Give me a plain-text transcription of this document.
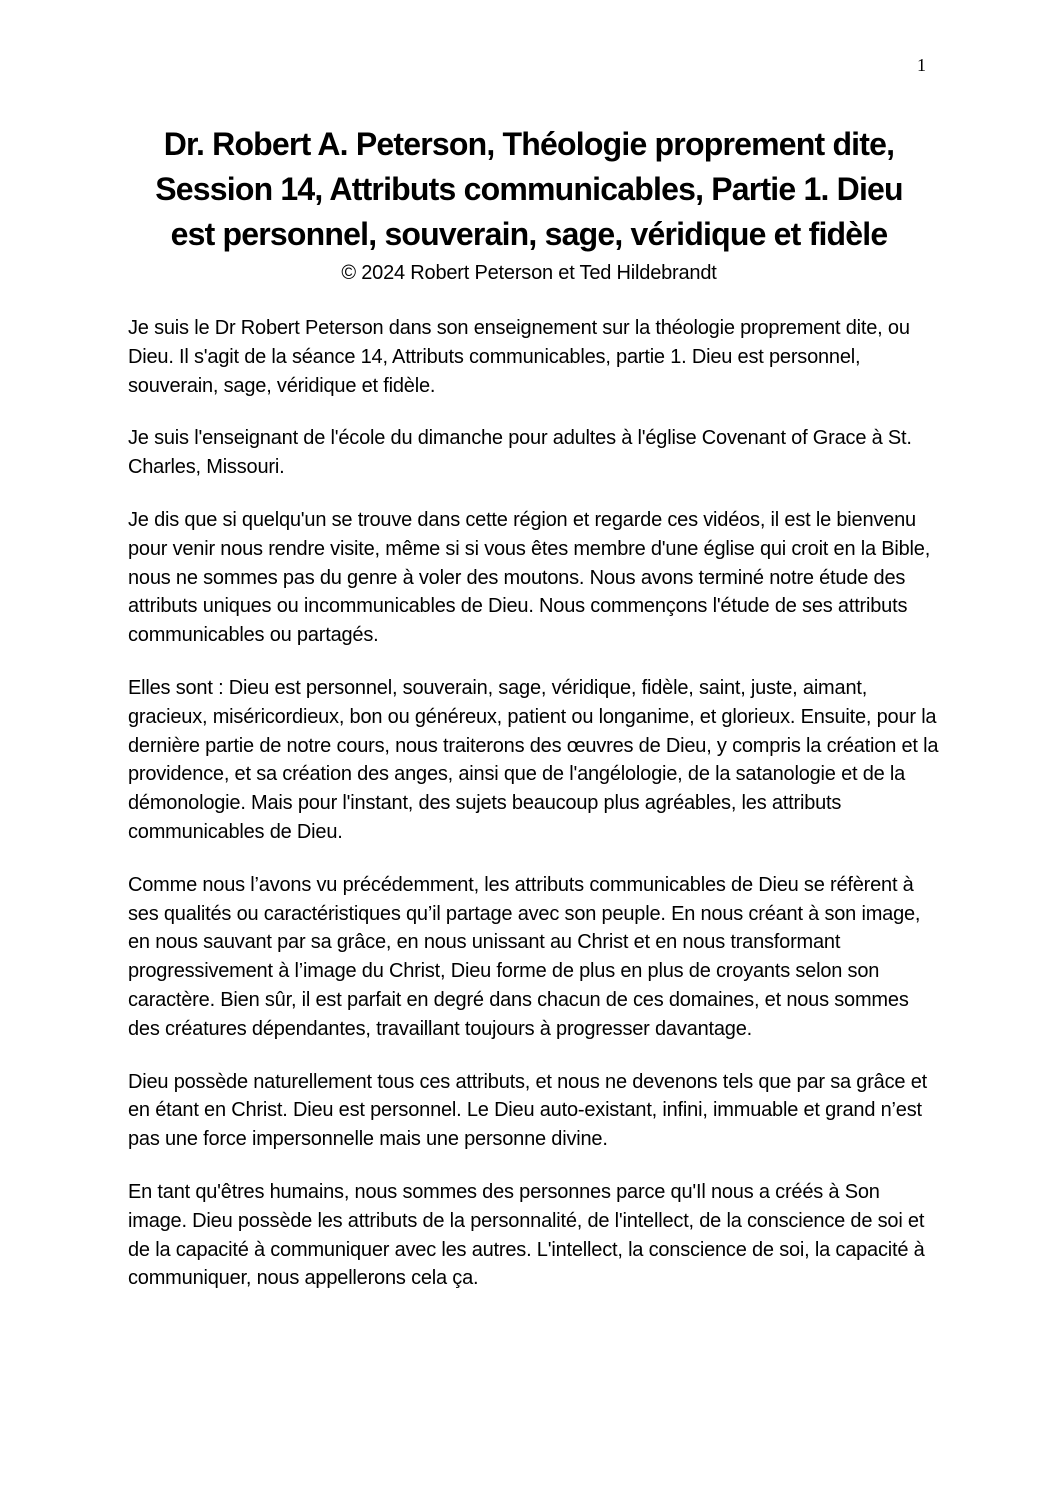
1
Dr. Robert A. Peterson, Théologie proprement dite,
Session 14, Attributs communicables, Partie 1. Dieu
est personnel, souverain, sage, véridique et fidèle
© 2024 Robert Peterson et Ted Hildebrandt

Je suis le Dr Robert Peterson dans son enseignement sur la théologie proprement dite, ou Dieu. Il s'agit de la séance 14, Attributs communicables, partie 1. Dieu est personnel, souverain, sage, véridique et fidèle.

Je suis l'enseignant de l'école du dimanche pour adultes à l'église Covenant of Grace à St. Charles, Missouri.

Je dis que si quelqu'un se trouve dans cette région et regarde ces vidéos, il est le bienvenu pour venir nous rendre visite, même si si vous êtes membre d'une église qui croit en la Bible, nous ne sommes pas du genre à voler des moutons. Nous avons terminé notre étude des attributs uniques ou incommunicables de Dieu. Nous commençons l'étude de ses attributs communicables ou partagés.

Elles sont : Dieu est personnel, souverain, sage, véridique, fidèle, saint, juste, aimant, gracieux, miséricordieux, bon ou généreux, patient ou longanime, et glorieux. Ensuite, pour la dernière partie de notre cours, nous traiterons des œuvres de Dieu, y compris la création et la providence, et sa création des anges, ainsi que de l'angélologie, de la satanologie et de la démonologie. Mais pour l'instant, des sujets beaucoup plus agréables, les attributs communicables de Dieu.

Comme nous l’avons vu précédemment, les attributs communicables de Dieu se réfèrent à ses qualités ou caractéristiques qu’il partage avec son peuple. En nous créant à son image, en nous sauvant par sa grâce, en nous unissant au Christ et en nous transformant progressivement à l’image du Christ, Dieu forme de plus en plus de croyants selon son caractère. Bien sûr, il est parfait en degré dans chacun de ces domaines, et nous sommes des créatures dépendantes, travaillant toujours à progresser davantage.

Dieu possède naturellement tous ces attributs, et nous ne devenons tels que par sa grâce et en étant en Christ. Dieu est personnel. Le Dieu auto-existant, infini, immuable et grand n’est pas une force impersonnelle mais une personne divine.

En tant qu'êtres humains, nous sommes des personnes parce qu'Il nous a créés à Son image. Dieu possède les attributs de la personnalité, de l'intellect, de la conscience de soi et de la capacité à communiquer avec les autres. L'intellect, la conscience de soi, la capacité à communiquer, nous appellerons cela ça.
